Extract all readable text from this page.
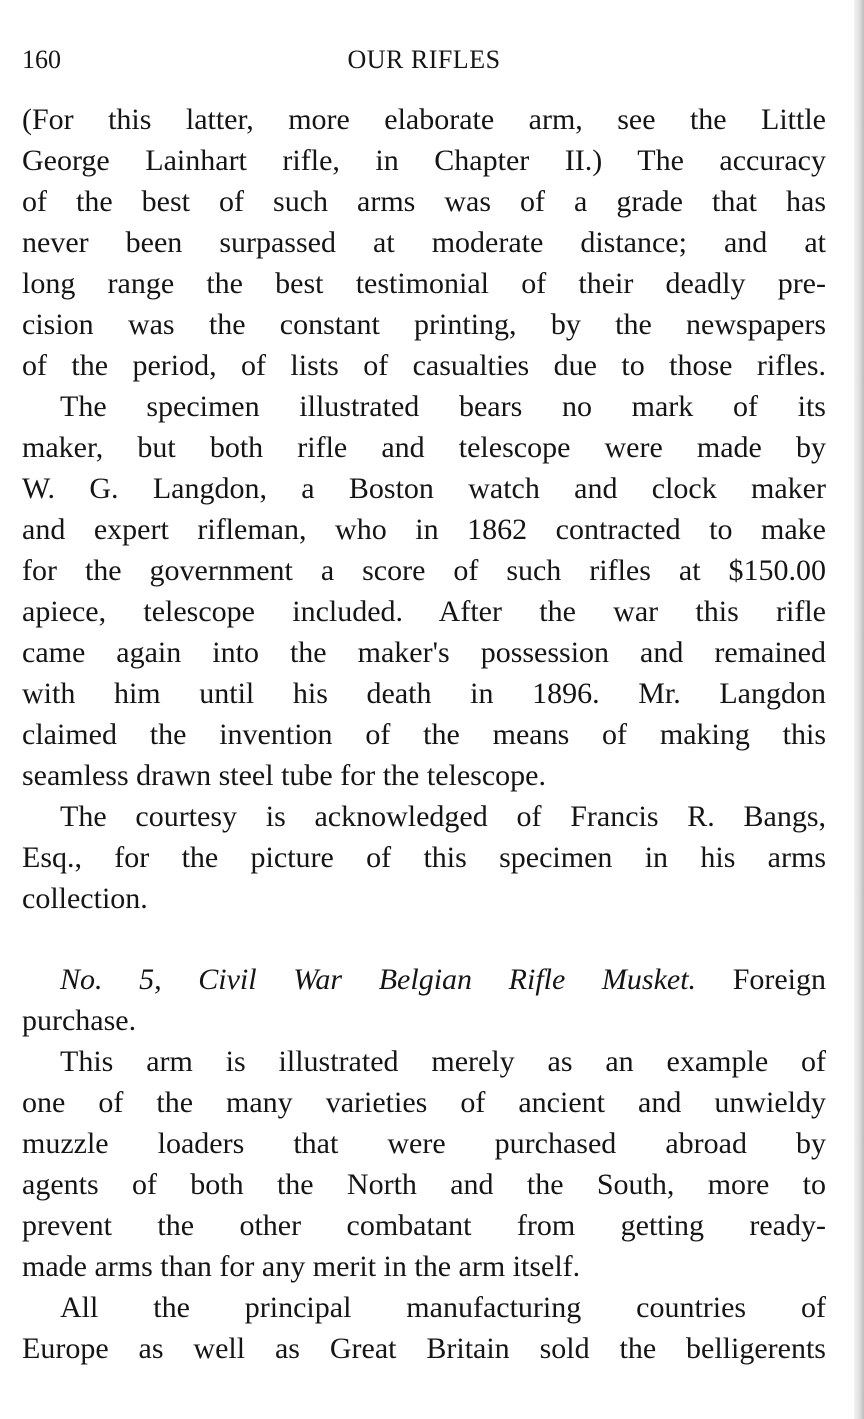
160	OUR RIFLES
(For this latter, more elaborate arm, see the Little
George Lainhart rifle, in Chapter II.) The accuracy
of the best of such arms was of a grade that has
never been surpassed at moderate distance; and at
long range the best testimonial of their deadly pre-
cision was the constant printing, by the newspapers
of the period, of lists of casualties due to those rifles.
The specimen illustrated bears no mark of its
maker, but both rifle and telescope were made by
W. G. Langdon, a Boston watch and clock maker
and expert rifleman, who in 1862 contracted to make
for the government a score of such rifles at $150.00
apiece, telescope included. After the war this rifle
came again into the maker's possession and remained
with him until his death in 1896. Mr. Langdon
claimed the invention of the means of making this
seamless drawn steel tube for the telescope.
The courtesy is acknowledged of Francis R. Bangs,
Esq., for the picture of this specimen in his arms
collection.
No. 5, Civil War Belgian Rifle Musket. Foreign
purchase.
This arm is illustrated merely as an example of
one of the many varieties of ancient and unwieldy
muzzle loaders that were purchased abroad by
agents of both the North and the South, more to
prevent the other combatant from getting ready-
made arms than for any merit in the arm itself.
All the principal manufacturing countries of
Europe as well as Great Britain sold the belligerents
